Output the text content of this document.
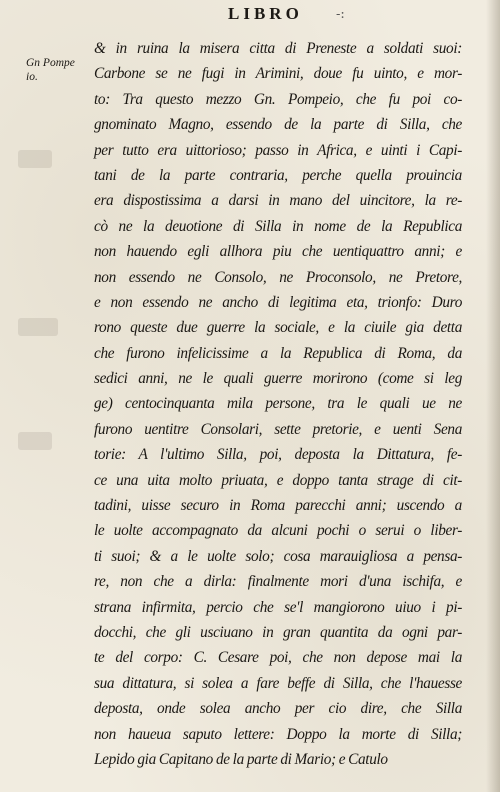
LIBRO	-:
Gn Pompe
io.
& in ruina la misera citta di Preneste a soldati suoi:
Carbone se ne fugi in Arimini, doue fu uinto, e mor-
to: Tra questo mezzo Gn. Pompeio, che fu poi co-
gnominato Magno, essendo de la parte di Silla, che
per tutto era uittorioso; passo in Africa, e uinti i Capi-
tani de la parte contraria, perche quella prouincia
era dispostissima a darsi in mano del uincitore, la re-
cò ne la deuotione di Silla in nome de la Republica
non hauendo egli allhora piu che uentiquattro anni; e
non essendo ne Consolo, ne Proconsolo, ne Pretore,
e non essendo ne ancho di legitima eta, trionfo: Duro
rono queste due guerre la sociale, e la ciuile gia detta
che furono infelicissime a la Republica di Roma, da
sedici anni, ne le quali guerre morirono (come si leg
ge) centocinquanta mila persone, tra le quali ue ne
furono uentitre Consolari, sette pretorie, e uenti Sena
torie: A l'ultimo Silla, poi, deposta la Dittatura, fe-
ce una uita molto priuata, e doppo tanta strage di cit-
tadini, uisse securo in Roma parecchi anni; uscendo a
le uolte accompagnato da alcuni pochi o serui o liber-
ti suoi; & a le uolte solo; cosa marauigliosa a pensa-
re, non che a dirla: finalmente mori d'una ischifa, e
strana infirmita, percio che se'l mangiorono uiuo i pi-
docchi, che gli usciuano in gran quantita da ogni par-
te del corpo: C. Cesare poi, che non depose mai la
sua dittatura, si solea a fare beffe di Silla, che l'hauesse
deposta, onde solea ancho per cio dire, che Silla
non haueua saputo lettere: Doppo la morte di Silla;
Lepido gia Capitano de la parte di Mario; e Catulo
